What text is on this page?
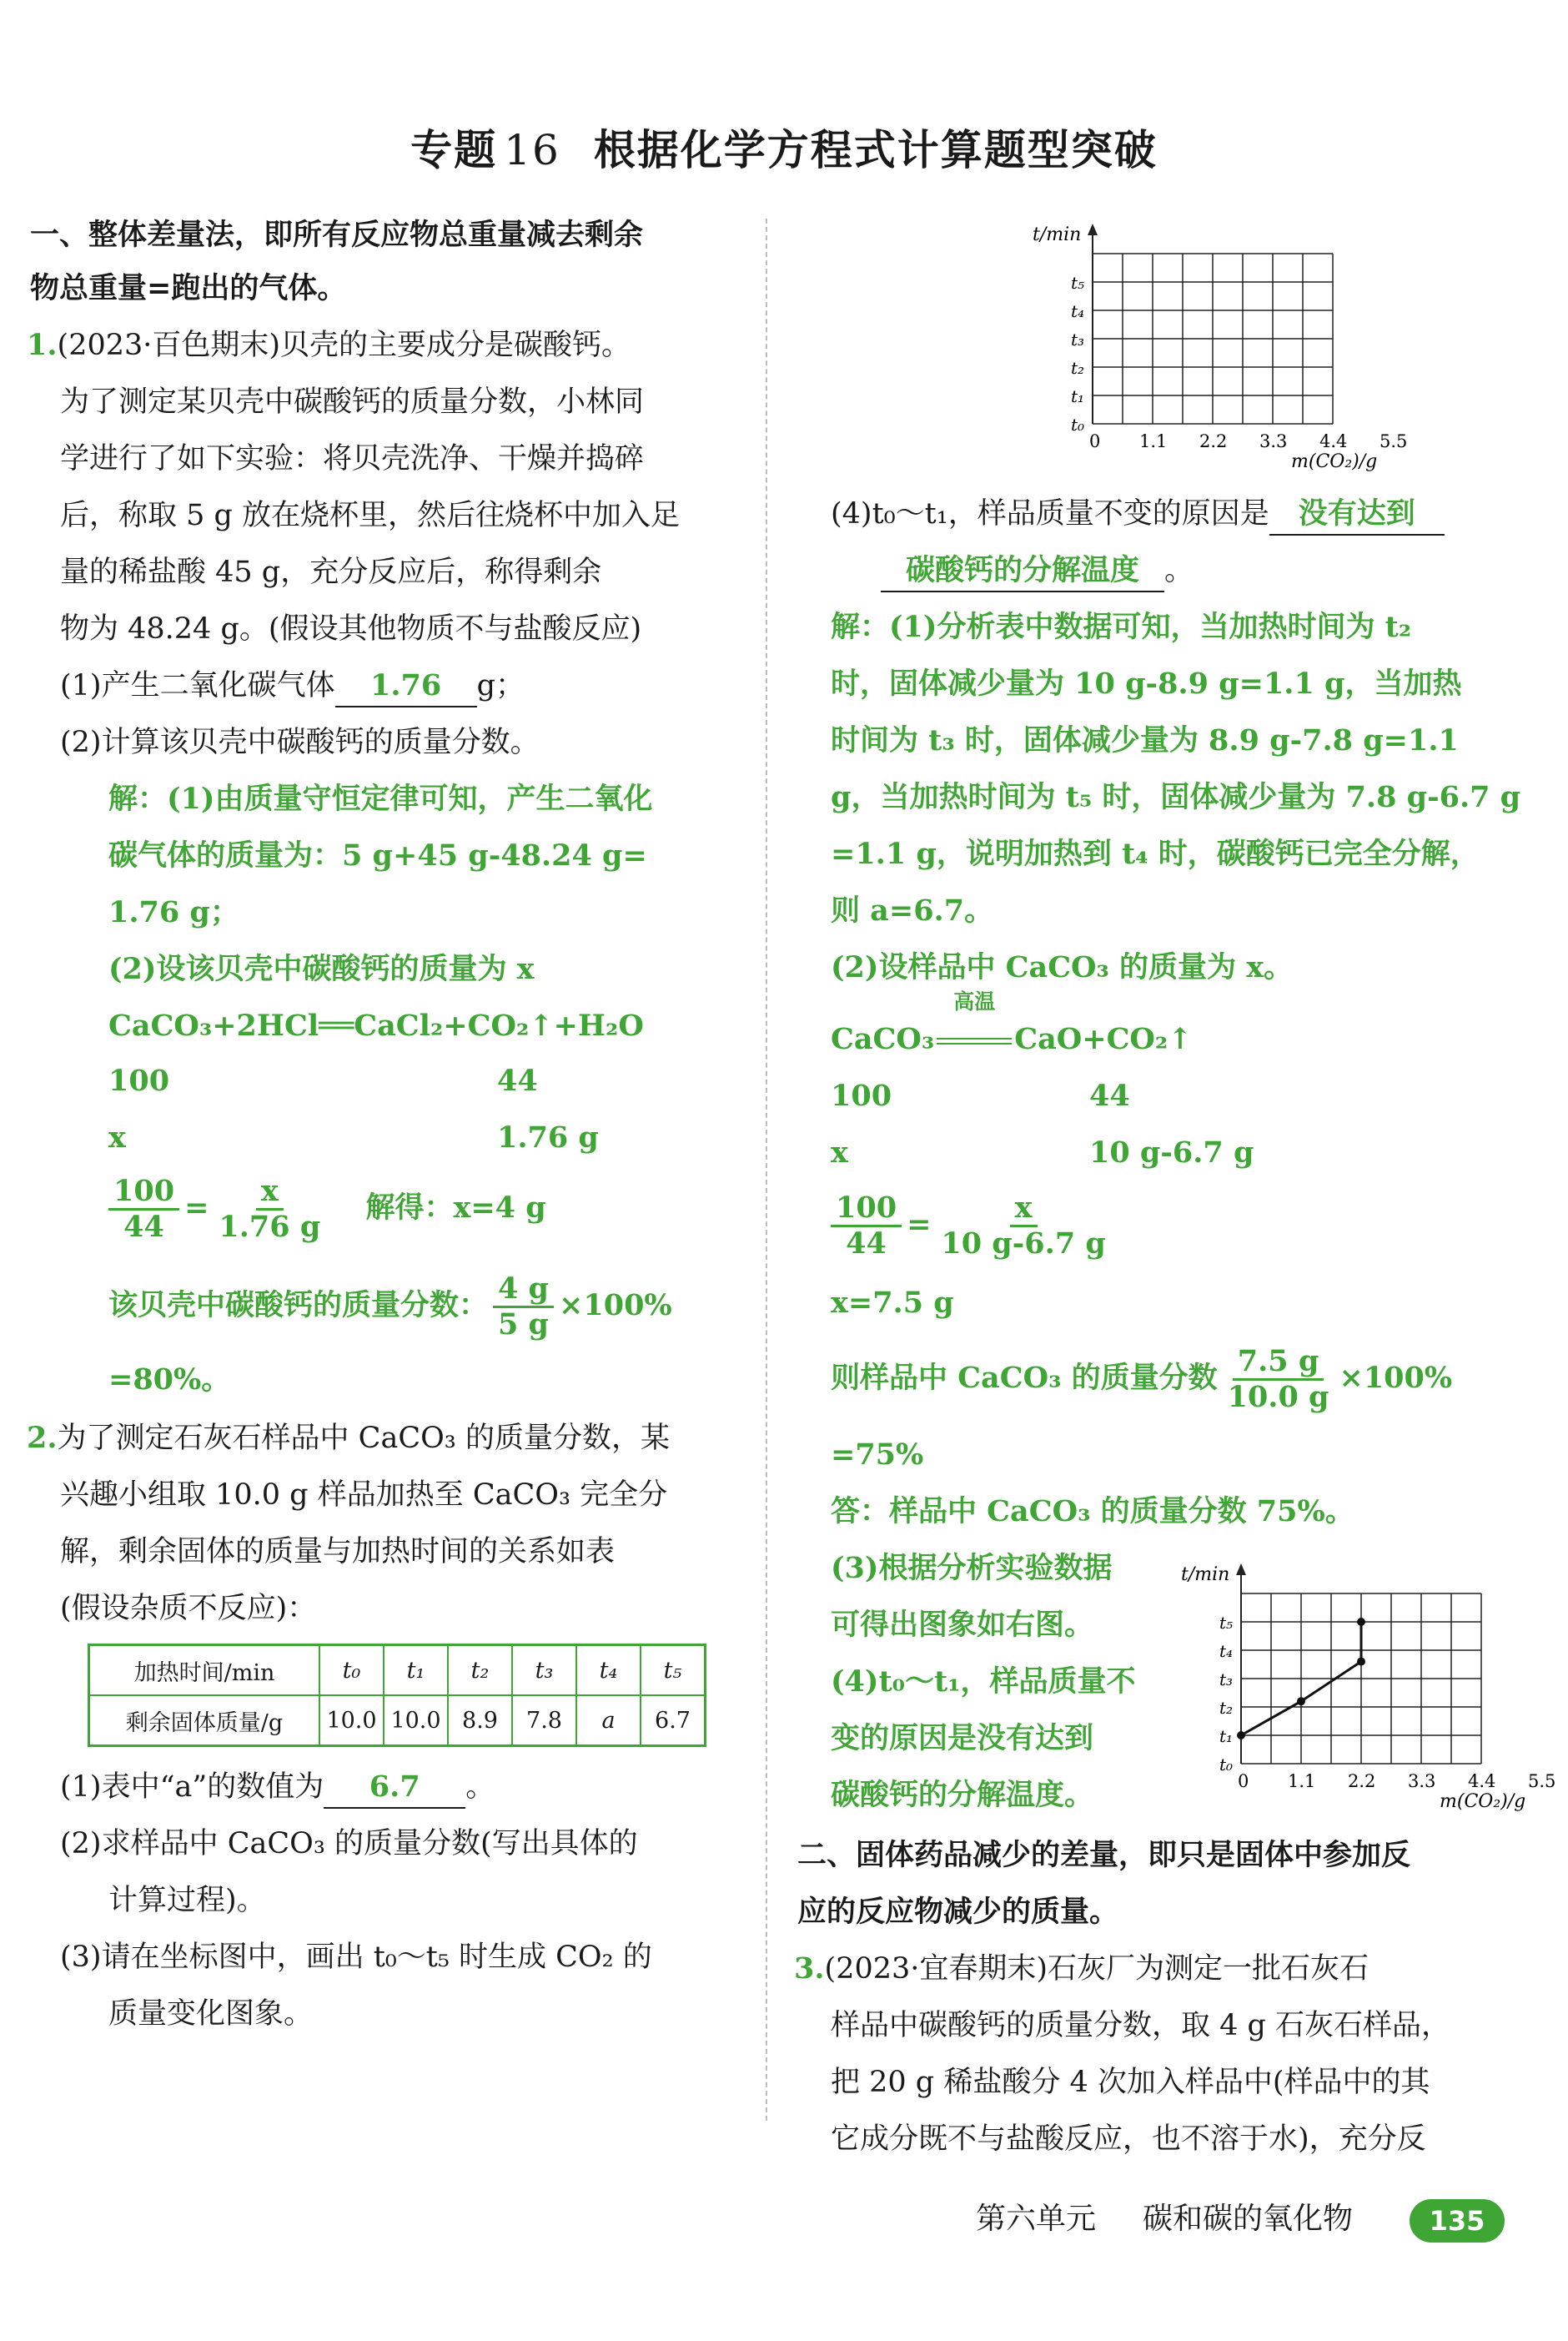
专题 16 根据化学方程式计算题型突破
一、整体差量法，即所有反应物总重量减去剩余
物总重量=跑出的气体。
1.(2023·百色期末)贝壳的主要成分是碳酸钙。
为了测定某贝壳中碳酸钙的质量分数，小林同
学进行了如下实验：将贝壳洗净、干燥并捣碎
后，称取 5 g 放在烧杯里，然后往烧杯中加入足
量的稀盐酸 45 g，充分反应后，称得剩余
物为 48.24 g。(假设其他物质不与盐酸反应)
(1)产生二氧化碳气体 1.76 g；
(2)计算该贝壳中碳酸钙的质量分数。
解：(1)由质量守恒定律可知，产生二氧化
碳气体的质量为：5 g+45 g-48.24 g=
1.76 g；
(2)设该贝壳中碳酸钙的质量为 x
CaCO₃+2HCl══CaCl₂+CO₂↑+H₂O
100	44
x	1.76 g
$\frac{100}{44} = \frac{x}{1.76 g}$ 解得：x=4 g
该贝壳中碳酸钙的质量分数： $\frac{4 g}{5 g} \times 100\%$
=80%。
2.为了测定石灰石样品中 CaCO₃ 的质量分数，某
兴趣小组取 10.0 g 样品加热至 CaCO₃ 完全分
解，剩余固体的质量与加热时间的关系如表
(假设杂质不反应)：
加热时间/min	t₀	t₁	t₂	t₃	t₄	t₅
剩余固体质量/g	10.0	10.0	8.9	7.8	a	6.7
(1)表中“a”的数值为 6.7 。
(2)求样品中 CaCO₃ 的质量分数(写出具体的
计算过程)。
(3)请在坐标图中，画出 t₀～t₅ 时生成 CO₂ 的
质量变化图象。
t/min
m(CO₂)/g
t₁
t₂
t₃
t₄
t₅
t₀
0 1.1 2.2 3.3 4.4 5.5
(4)t₀～t₁，样品质量不变的原因是 没有达到
碳酸钙的分解温度 。
解：(1)分析表中数据可知，当加热时间为 t₂
时，固体减少量为 10 g-8.9 g=1.1 g，当加热
时间为 t₃ 时，固体减少量为 8.9 g-7.8 g=1.1
g，当加热时间为 t₅ 时，固体减少量为 7.8 g-6.7 g
=1.1 g，说明加热到 t₄ 时，碳酸钙已完全分解，
则 a=6.7。
(2)设样品中 CaCO₃ 的质量为 x。
CaCO₃
高温
CaO+CO₂↑
100	44
x	10 g-6.7 g
$\frac{100}{44} = \frac{x}{10 g-6.7 g}$
x=7.5 g
则样品中 CaCO₃ 的质量分数 $\frac{7.5 g}{10.0 g} \times 100\%$
=75%
答：样品中 CaCO₃ 的质量分数 75%。
(3)根据分析实验数据
可得出图象如右图。
(4)t₀～t₁，样品质量不
变的原因是没有达到
碳酸钙的分解温度。
t/min
m(CO₂)/g
t₁
t₂
t₃
t₄
t₅
t₀
0 1.1 2.2 3.3 4.4 5.5
二、固体药品减少的差量，即只是固体中参加反
应的反应物减少的质量。
3.(2023·宜春期末)石灰厂为测定一批石灰石
样品中碳酸钙的质量分数，取 4 g 石灰石样品，
把 20 g 稀盐酸分 4 次加入样品中(样品中的其
它成分既不与盐酸反应，也不溶于水)，充分反
第六单元 碳和碳的氧化物	135
